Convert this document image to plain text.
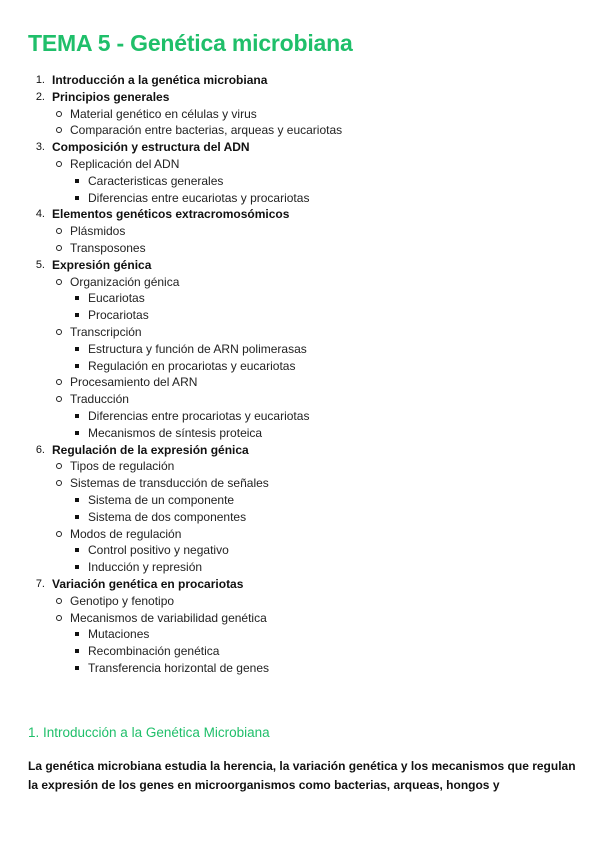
TEMA 5 - Genética microbiana
1. Introducción a la genética microbiana
2. Principios generales
Material genético en células y virus
Comparación entre bacterias, arqueas y eucariotas
3. Composición y estructura del ADN
Replicación del ADN
Caracteristicas generales
Diferencias entre eucariotas y procariotas
4. Elementos genéticos extracromosómicos
Plásmidos
Transposones
5. Expresión génica
Organización génica
Eucariotas
Procariotas
Transcripción
Estructura y función de ARN polimerasas
Regulación en procariotas y eucariotas
Procesamiento del ARN
Traducción
Diferencias entre procariotas y eucariotas
Mecanismos de síntesis proteica
6. Regulación de la expresión génica
Tipos de regulación
Sistemas de transducción de señales
Sistema de un componente
Sistema de dos componentes
Modos de regulación
Control positivo y negativo
Inducción y represión
7. Variación genética en procariotas
Genotipo y fenotipo
Mecanismos de variabilidad genética
Mutaciones
Recombinación genética
Transferencia horizontal de genes
1. Introducción a la Genética Microbiana
La genética microbiana estudia la herencia, la variación genética y los mecanismos que regulan la expresión de los genes en microorganismos como bacterias, arqueas, hongos y
